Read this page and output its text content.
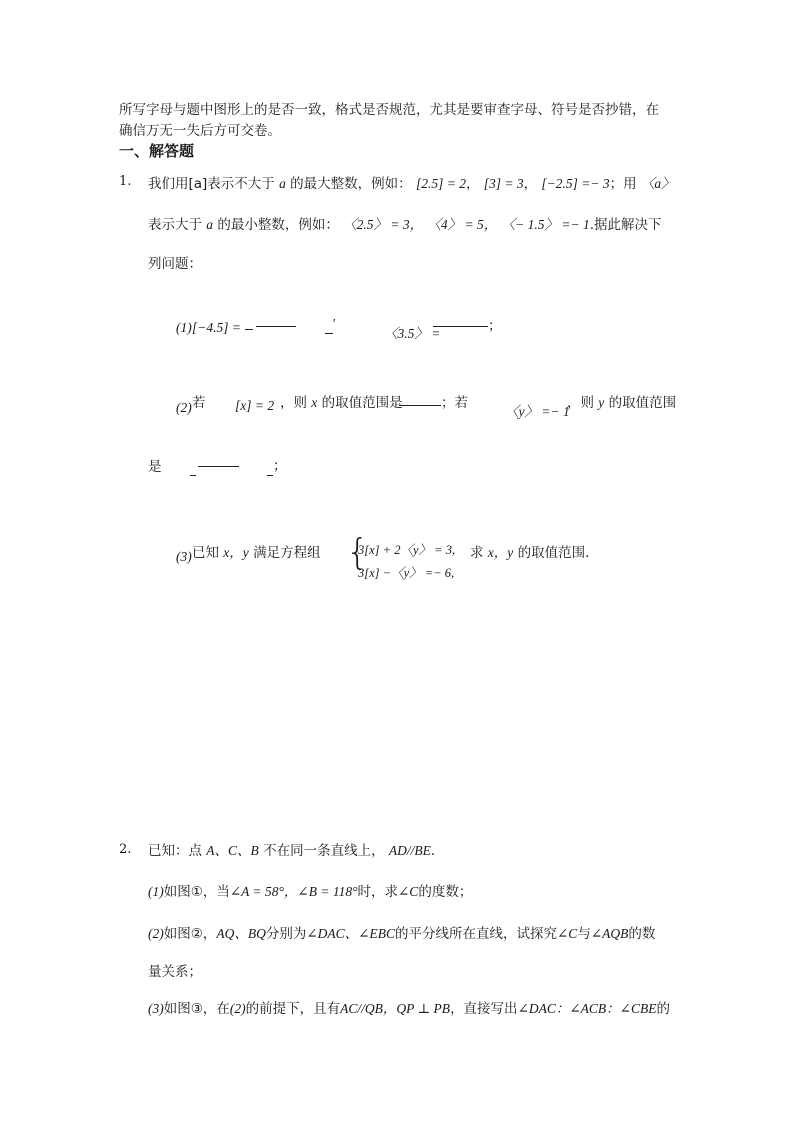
所写字母与题中图形上的是否一致，格式是否规范，尤其是要审查字母、符号是否抄错，在
确信万无一失后方可交卷。
一、解答题
1. 我们用[a]表示不大于 a 的最大整数，例如： [2.5] = 2， [3] = 3， [−2.5] =− 3；用 〈a〉
表示大于 a 的最小整数，例如： 〈2.5〉 = 3， 〈4〉 = 5， 〈− 1.5〉 =− 1.据此解决下
列问题：
(1) [−4.5] =	′
〈3.5〉 =	；
(2) 若 [x] = 2 ，则 x 的取值范围是	；若
〈y〉 =− 1
，则 y 的取值范围
是	；
(3) 已知 x，y 满足方程组 {
3[x] + 2〈y〉 = 3,
3[x] −〈y〉 =− 6,
求 x，y 的取值范围．
2. 已知：点 A、C、B 不在同一条直线上， AD//BE．
(1)如图①，当∠A = 58°，∠B = 118°时，求∠C的度数；
(2)如图②，AQ、BQ分别为∠DAC、∠EBC的平分线所在直线，试探究∠C与∠AQB的数
量关系；
(3)如图③，在(2)的前提下，且有AC//QB，QP ⊥ PB，直接写出∠DAC：∠ACB：∠CBE的
